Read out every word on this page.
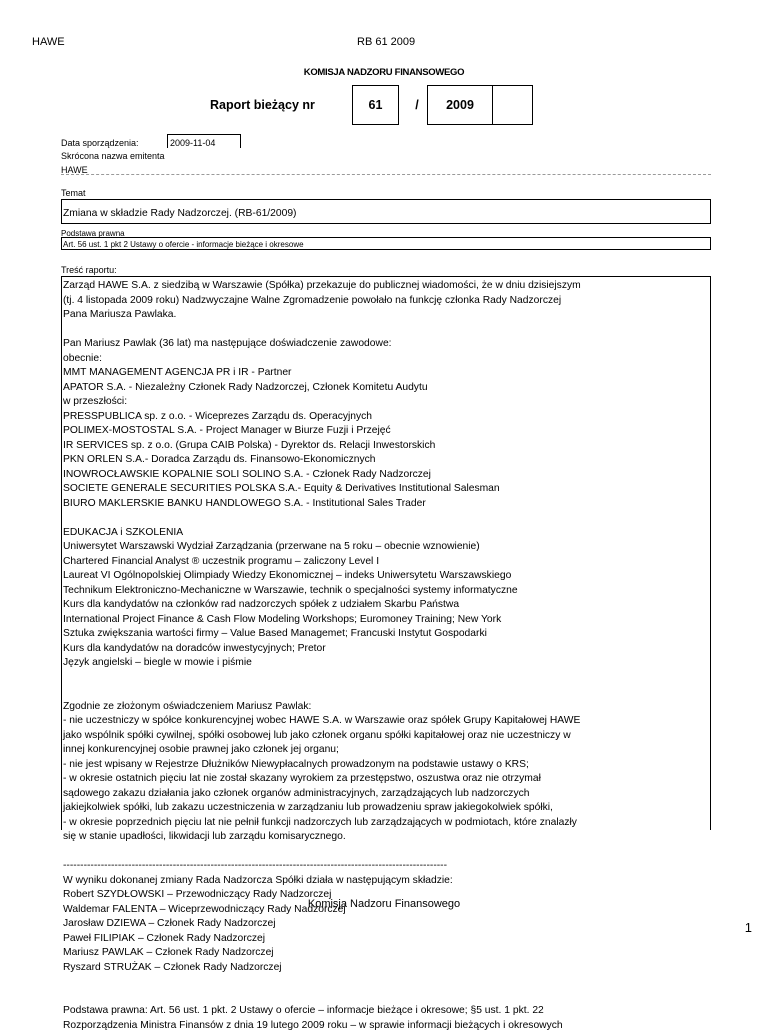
HAWE	RB 61 2009
KOMISJA NADZORU FINANSOWEGO
Raport bieżący nr	61	/	2009
Data sporządzenia:	2009-11-04
Skrócona nazwa emitenta
HAWE
Temat
Zmiana w składzie Rady Nadzorczej. (RB-61/2009)
Podstawa prawna
Art. 56 ust. 1 pkt 2 Ustawy o ofercie - informacje bieżące i okresowe
Treść raportu:

Zarząd HAWE S.A. z siedzibą w Warszawie (Spółka) przekazuje do publicznej wiadomości, że w dniu dzisiejszym

(tj. 4 listopada 2009 roku) Nadzwyczajne Walne Zgromadzenie powołało na funkcję członka Rady Nadzorczej

Pana Mariusza Pawlaka.

Pan Mariusz Pawlak (36 lat) ma następujące doświadczenie zawodowe:

obecnie:

MMT MANAGEMENT AGENCJA PR i IR - Partner

APATOR S.A. - Niezależny Członek Rady Nadzorczej, Członek Komitetu Audytu

w przeszłości:

PRESSPUBLICA sp. z o.o. - Wiceprezes Zarządu ds. Operacyjnych

POLIMEX-MOSTOSTAL S.A. - Project Manager w Biurze Fuzji i Przejęć

IR SERVICES sp. z o.o. (Grupa CAIB Polska) - Dyrektor ds. Relacji Inwestorskich

PKN ORLEN S.A.- Doradca Zarządu ds. Finansowo-Ekonomicznych

INOWROCŁAWSKIE KOPALNIE SOLI SOLINO S.A. - Członek Rady Nadzorczej

SOCIETE GENERALE SECURITIES POLSKA S.A.- Equity & Derivatives Institutional Salesman

BIURO MAKLERSKIE BANKU HANDLOWEGO S.A. - Institutional Sales Trader

EDUKACJA i SZKOLENIA

Uniwersytet Warszawski Wydział Zarządzania (przerwane na 5 roku – obecnie wznowienie)

Chartered Financial Analyst ® uczestnik programu – zaliczony Level I

Laureat VI Ogólnopolskiej Olimpiady Wiedzy Ekonomicznej – indeks Uniwersytetu Warszawskiego

Technikum Elektroniczno-Mechaniczne w Warszawie, technik o specjalności systemy informatyczne

Kurs dla kandydatów na członków rad nadzorczych spółek z udziałem Skarbu Państwa

International Project Finance & Cash Flow Modeling Workshops; Euromoney Training; New York

Sztuka zwiększania wartości firmy – Value Based Managemet; Francuski Instytut Gospodarki

Kurs dla kandydatów na doradców inwestycyjnych; Pretor

Język angielski – biegle w mowie i piśmie

Zgodnie ze złożonym oświadczeniem Mariusz Pawlak:

- nie uczestniczy w spółce konkurencyjnej wobec HAWE S.A. w Warszawie oraz spółek Grupy Kapitałowej HAWE

jako wspólnik spółki cywilnej, spółki osobowej lub jako członek organu spółki kapitałowej oraz nie uczestniczy w

innej konkurencyjnej osobie prawnej jako członek jej organu;

- nie jest wpisany w Rejestrze Dłużników Niewypłacalnych prowadzonym na podstawie ustawy o KRS;

- w okresie ostatnich pięciu lat nie został skazany wyrokiem za przestępstwo, oszustwa oraz nie otrzymał

sądowego zakazu działania jako członek organów administracyjnych, zarządzających lub nadzorczych

jakiejkolwiek spółki, lub zakazu uczestniczenia w zarządzaniu lub prowadzeniu spraw jakiegokolwiek spółki,

- w okresie poprzednich pięciu lat nie pełnił funkcji nadzorczych lub zarządzających w podmiotach, które znalazły

się w stanie upadłości, likwidacji lub zarządu komisarycznego.

----------------------------------------------------------------------------------------------------------------

W wyniku dokonanej zmiany Rada Nadzorcza Spółki działa w następującym składzie:

Robert SZYDŁOWSKI – Przewodniczący Rady Nadzorczej

Waldemar FALENTA – Wiceprzewodniczący Rady Nadzorczej

Jarosław DZIEWA – Członek Rady Nadzorczej

Paweł FILIPIAK – Członek Rady Nadzorczej

Mariusz PAWLAK – Członek Rady Nadzorczej

Ryszard STRUŻAK – Członek Rady Nadzorczej

Podstawa prawna: Art. 56 ust. 1 pkt. 2 Ustawy o ofercie – informacje bieżące i okresowe; §5 ust. 1 pkt. 22

Rozporządzenia Ministra Finansów z dnia 19 lutego 2009 roku – w sprawie informacji bieżących i okresowych

Komisja Nadzoru Finansowego
1
